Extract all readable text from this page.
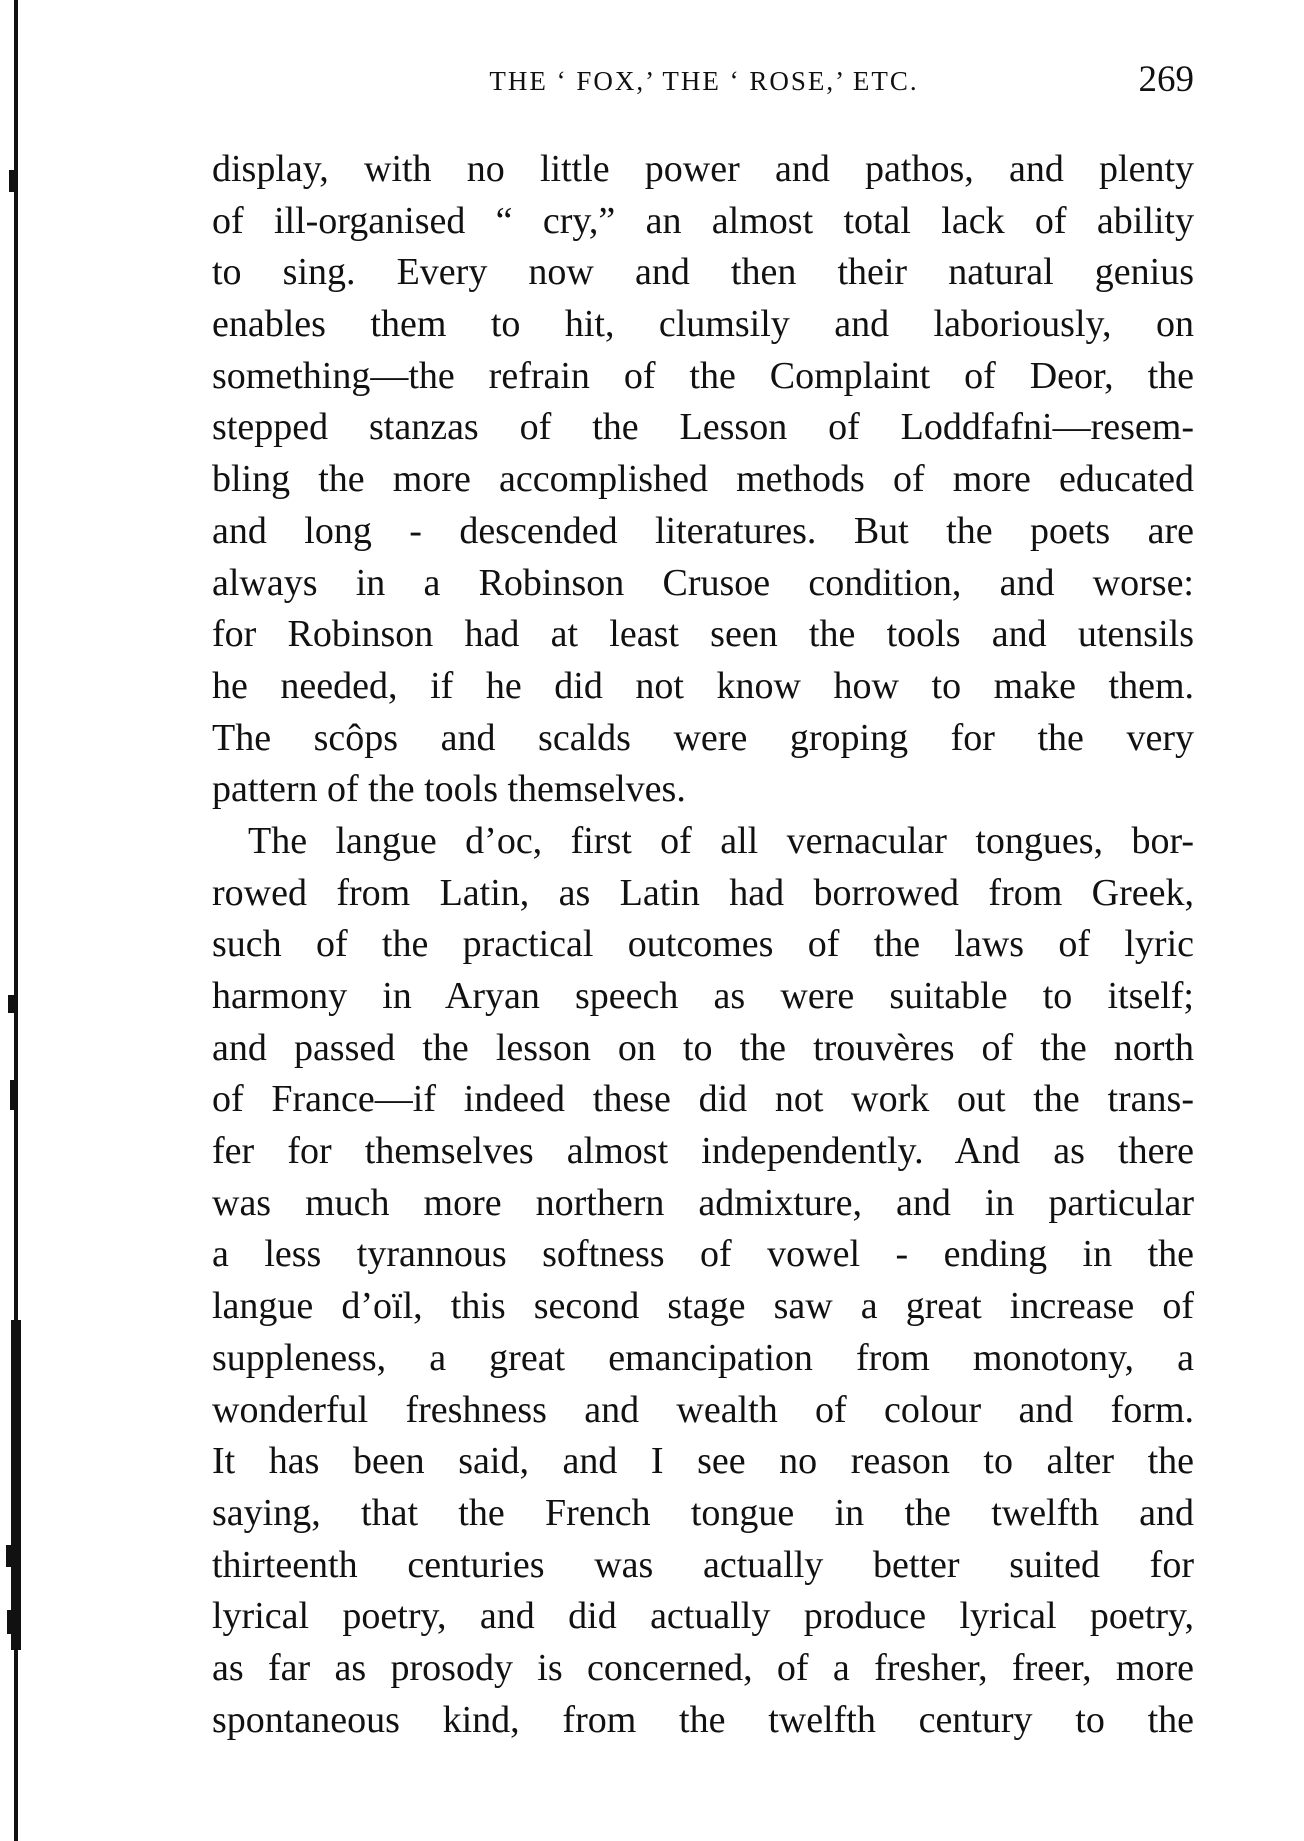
THE ‘ FOX,’ THE ‘ ROSE,’ ETC.	269
display, with no little power and pathos, and plenty
of ill-organised “ cry,” an almost total lack of ability
to sing. Every now and then their natural genius
enables them to hit, clumsily and laboriously, on
something—the refrain of the Complaint of Deor, the
stepped stanzas of the Lesson of Loddfafni—resem-
bling the more accomplished methods of more educated
and long - descended literatures. But the poets are
always in a Robinson Crusoe condition, and worse:
for Robinson had at least seen the tools and utensils
he needed, if he did not know how to make them.
The scôps and scalds were groping for the very
pattern of the tools themselves.
The langue d’oc, first of all vernacular tongues, bor-
rowed from Latin, as Latin had borrowed from Greek,
such of the practical outcomes of the laws of lyric
harmony in Aryan speech as were suitable to itself;
and passed the lesson on to the trouvères of the north
of France—if indeed these did not work out the trans-
fer for themselves almost independently. And as there
was much more northern admixture, and in particular
a less tyrannous softness of vowel - ending in the
langue d’oïl, this second stage saw a great increase of
suppleness, a great emancipation from monotony, a
wonderful freshness and wealth of colour and form.
It has been said, and I see no reason to alter the
saying, that the French tongue in the twelfth and
thirteenth centuries was actually better suited for
lyrical poetry, and did actually produce lyrical poetry,
as far as prosody is concerned, of a fresher, freer, more
spontaneous kind, from the twelfth century to the
